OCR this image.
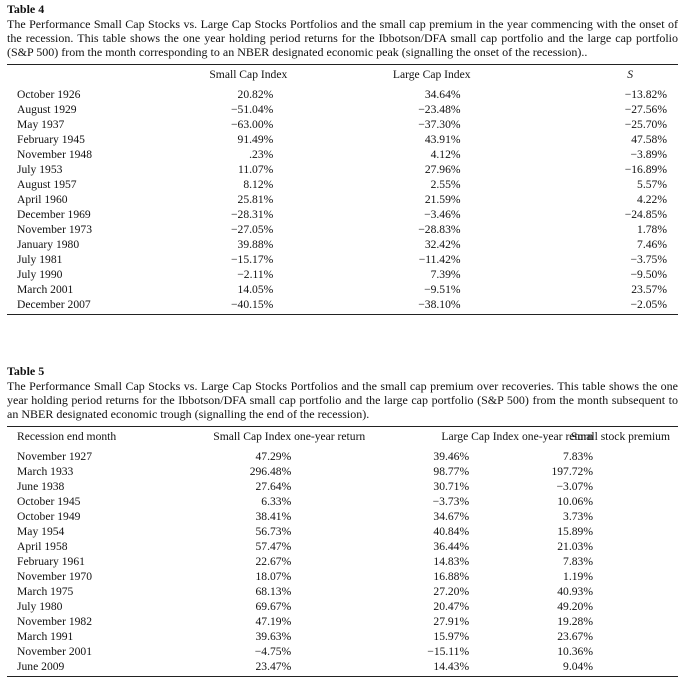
Table 4

The Performance Small Cap Stocks vs. Large Cap Stocks Portfolios and the small cap premium in the year commencing with the onset of the recession. This table shows the one year holding period returns for the Ibbotson/DFA small cap portfolio and the large cap portfolio (S&P 500) from the month corresponding to an NBER designated economic peak (signalling the onset of the recession)..

	Small Cap Index	Large Cap Index	S
October 1926	20.82%	34.64%	−13.82%
August 1929	−51.04%	−23.48%	−27.56%
May 1937	−63.00%	−37.30%	−25.70%
February 1945	91.49%	43.91%	47.58%
November 1948	.23%	4.12%	−3.89%
July 1953	11.07%	27.96%	−16.89%
August 1957	8.12%	2.55%	5.57%
April 1960	25.81%	21.59%	4.22%
December 1969	−28.31%	−3.46%	−24.85%
November 1973	−27.05%	−28.83%	1.78%
January 1980	39.88%	32.42%	7.46%
July 1981	−15.17%	−11.42%	−3.75%
July 1990	−2.11%	7.39%	−9.50%
March 2001	14.05%	−9.51%	23.57%
December 2007	−40.15%	−38.10%	−2.05%
Table 5

The Performance Small Cap Stocks vs. Large Cap Stocks Portfolios and the small cap premium over recoveries. This table shows the one year holding period returns for the Ibbotson/DFA small cap portfolio and the large cap portfolio (S&P 500) from the month subsequent to an NBER designated economic trough (signalling the end of the recession).

Recession end month	Small Cap Index one-year return	Large Cap Index one-year return	Small stock premium
November 1927	47.29%	39.46%	7.83%
March 1933	296.48%	98.77%	197.72%
June 1938	27.64%	30.71%	−3.07%
October 1945	6.33%	−3.73%	10.06%
October 1949	38.41%	34.67%	3.73%
May 1954	56.73%	40.84%	15.89%
April 1958	57.47%	36.44%	21.03%
February 1961	22.67%	14.83%	7.83%
November 1970	18.07%	16.88%	1.19%
March 1975	68.13%	27.20%	40.93%
July 1980	69.67%	20.47%	49.20%
November 1982	47.19%	27.91%	19.28%
March 1991	39.63%	15.97%	23.67%
November 2001	−4.75%	−15.11%	10.36%
June 2009	23.47%	14.43%	9.04%
